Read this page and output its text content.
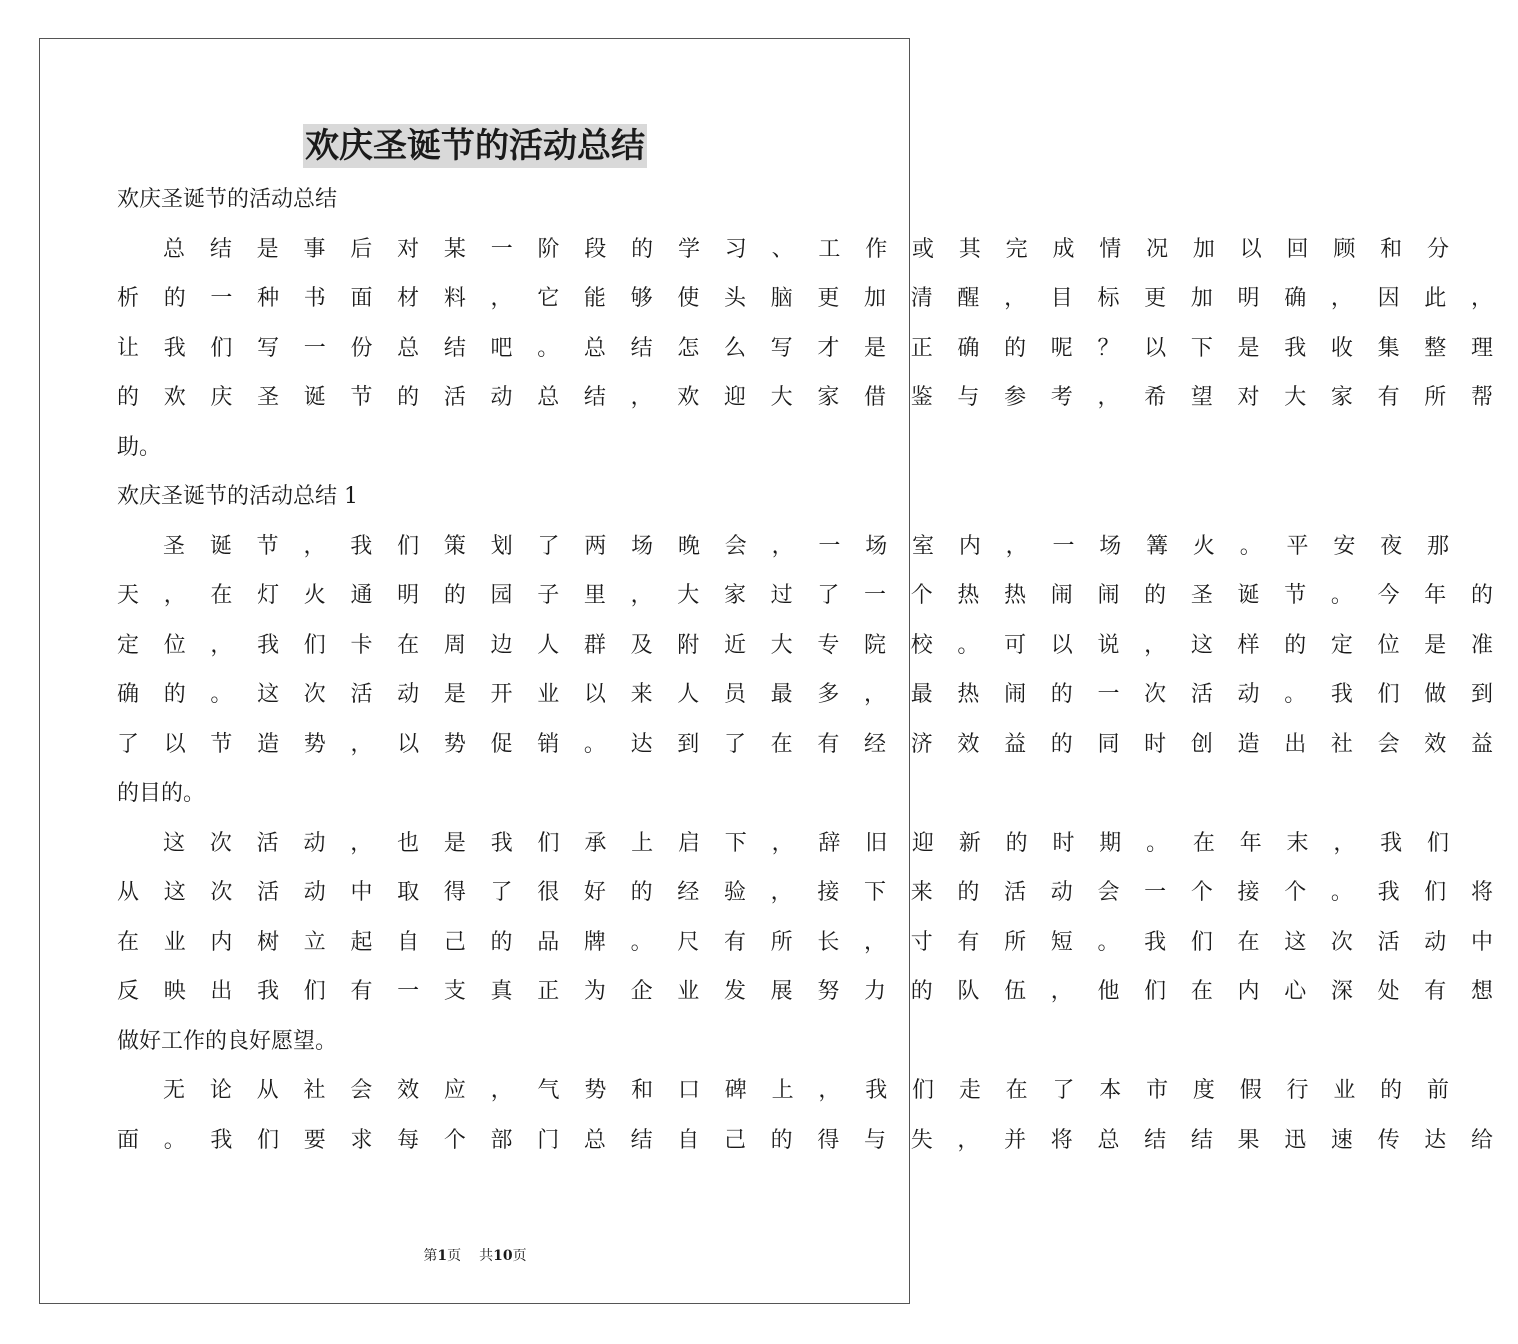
欢庆圣诞节的活动总结
欢庆圣诞节的活动总结
总结是事后对某一阶段的学习、工作或其完成情况加以回顾和分
析的一种书面材料，它能够使头脑更加清醒，目标更加明确，因此，
让我们写一份总结吧。总结怎么写才是正确的呢？以下是我收集整理
的欢庆圣诞节的活动总结，欢迎大家借鉴与参考，希望对大家有所帮
助。
欢庆圣诞节的活动总结 1
圣诞节，我们策划了两场晚会，一场室内，一场篝火。平安夜那
天，在灯火通明的园子里，大家过了一个热热闹闹的圣诞节。今年的
定位，我们卡在周边人群及附近大专院校。可以说，这样的定位是准
确的。这次活动是开业以来人员最多，最热闹的一次活动。我们做到
了以节造势，以势促销。达到了在有经济效益的同时创造出社会效益
的目的。
这次活动，也是我们承上启下，辞旧迎新的时期。在年末，我们
从这次活动中取得了很好的经验，接下来的活动会一个接个。我们将
在业内树立起自己的品牌。尺有所长，寸有所短。我们在这次活动中
反映出我们有一支真正为企业发展努力的队伍，他们在内心深处有想
做好工作的良好愿望。
无论从社会效应，气势和口碑上，我们走在了本市度假行业的前
面。我们要求每个部门总结自己的得与失，并将总结结果迅速传达给
第1页 共10页
